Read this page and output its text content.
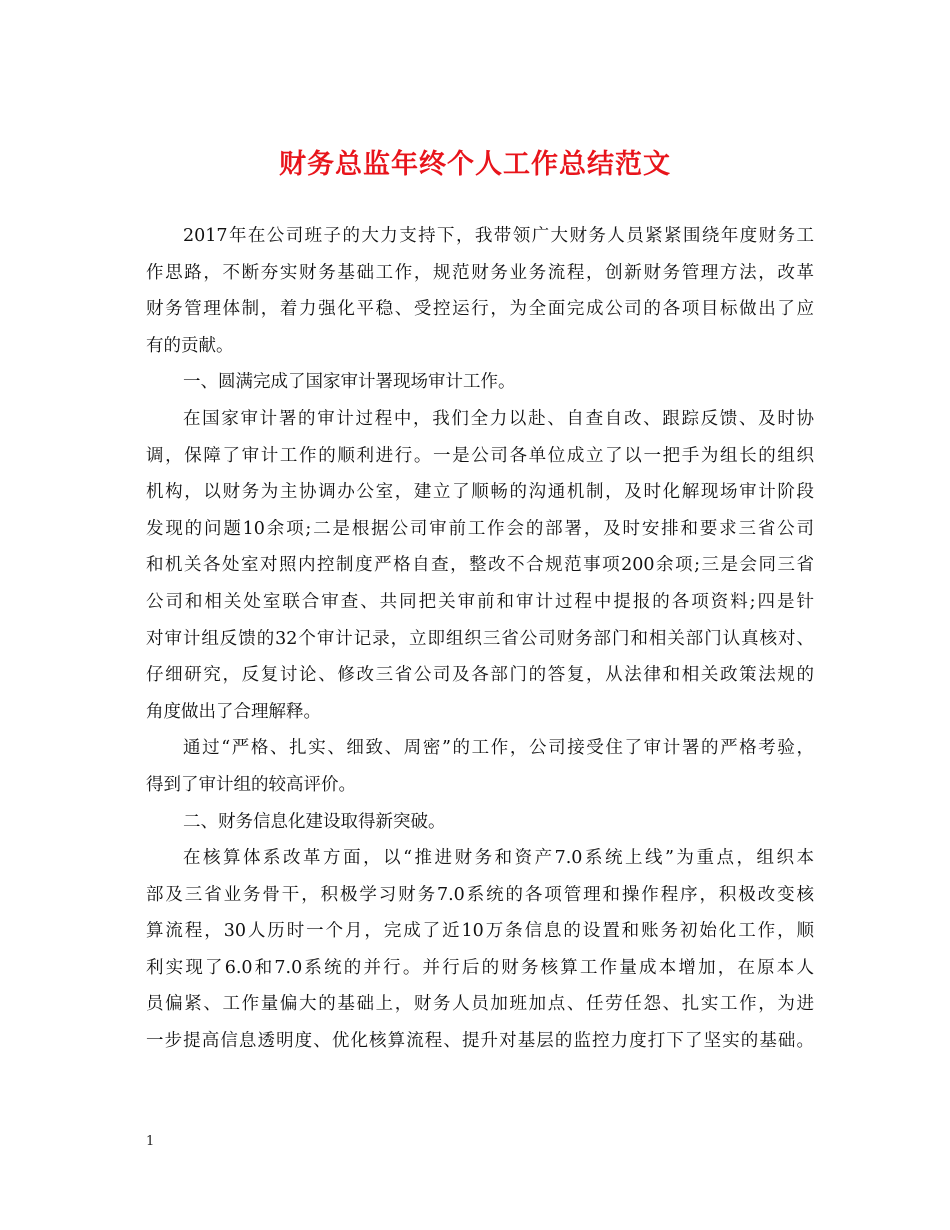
财务总监年终个人工作总结范文
2017年在公司班子的大力支持下，我带领广大财务人员紧紧围绕年度财务工
作思路，不断夯实财务基础工作，规范财务业务流程，创新财务管理方法，改革
财务管理体制，着力强化平稳、受控运行，为全面完成公司的各项目标做出了应
有的贡献。
一、圆满完成了国家审计署现场审计工作。
在国家审计署的审计过程中，我们全力以赴、自查自改、跟踪反馈、及时协
调，保障了审计工作的顺利进行。一是公司各单位成立了以一把手为组长的组织
机构，以财务为主协调办公室，建立了顺畅的沟通机制，及时化解现场审计阶段
发现的问题10余项;二是根据公司审前工作会的部署，及时安排和要求三省公司
和机关各处室对照内控制度严格自查，整改不合规范事项200余项;三是会同三省
公司和相关处室联合审查、共同把关审前和审计过程中提报的各项资料;四是针
对审计组反馈的32个审计记录，立即组织三省公司财务部门和相关部门认真核对、
仔细研究，反复讨论、修改三省公司及各部门的答复，从法律和相关政策法规的
角度做出了合理解释。
通过“严格、扎实、细致、周密”的工作，公司接受住了审计署的严格考验，
得到了审计组的较高评价。
二、财务信息化建设取得新突破。
在核算体系改革方面，以“推进财务和资产7.0系统上线”为重点，组织本
部及三省业务骨干，积极学习财务7.0系统的各项管理和操作程序，积极改变核
算流程，30人历时一个月，完成了近10万条信息的设置和账务初始化工作，顺
利实现了6.0和7.0系统的并行。并行后的财务核算工作量成本增加，在原本人
员偏紧、工作量偏大的基础上，财务人员加班加点、任劳任怨、扎实工作，为进
一步提高信息透明度、优化核算流程、提升对基层的监控力度打下了坚实的基础。
1
